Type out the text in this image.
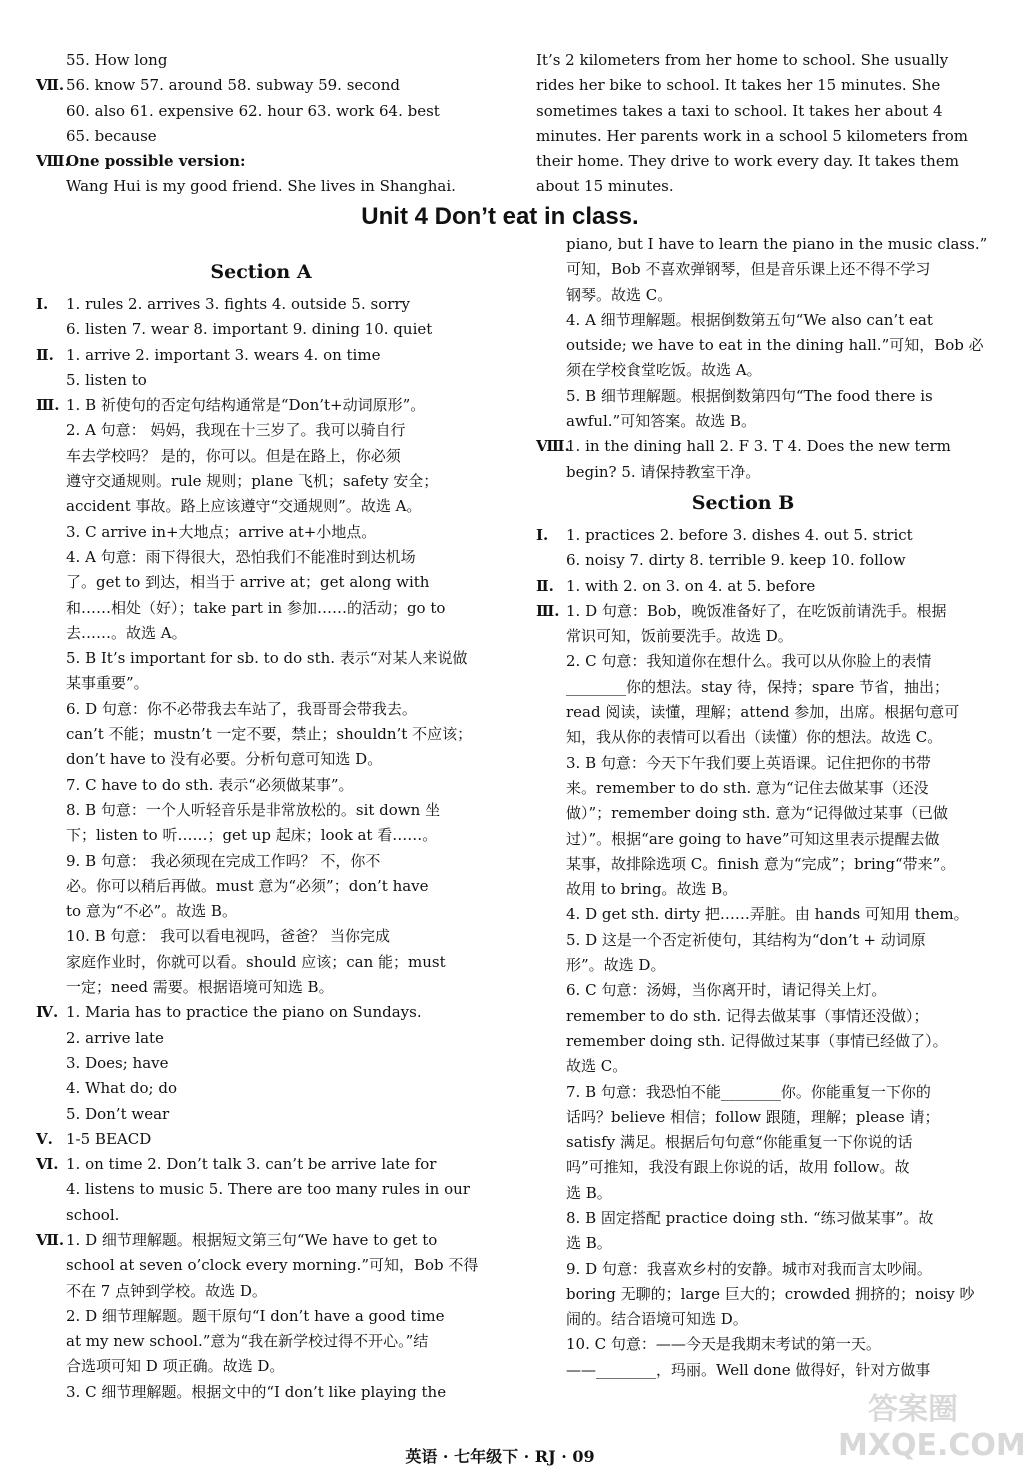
55. How long
Ⅶ. 56. know 57. around 58. subway 59. second
60. also 61. expensive 62. hour 63. work 64. best
65. because
Ⅷ.One possible version:
Wang Hui is my good friend. She lives in Shanghai.
It’s 2 kilometers from her home to school. She usually
rides her bike to school. It takes her 15 minutes. She
sometimes takes a taxi to school. It takes her about 4
minutes. Her parents work in a school 5 kilometers from
their home. They drive to work every day. It takes them
about 15 minutes.
Unit 4 Don’t eat in class.
Section A
Ⅰ. 1. rules 2. arrives 3. fights 4. outside 5. sorry
6. listen 7. wear 8. important 9. dining 10. quiet
Ⅱ. 1. arrive 2. important 3. wears 4. on time
5. listen to
Ⅲ. 1. B 祈使句的否定句结构通常是“Don’t+动词原形”。
2. A 句意： 妈妈，我现在十三岁了。我可以骑自行
车去学校吗？ 是的，你可以。但是在路上，你必须
遵守交通规则。rule 规则；plane 飞机；safety 安全；
accident 事故。路上应该遵守“交通规则”。故选 A。
3. C arrive in+大地点；arrive at+小地点。
4. A 句意：雨下得很大，恐怕我们不能准时到达机场
了。get to 到达，相当于 arrive at；get along with
和……相处（好）；take part in 参加……的活动；go to
去……。故选 A。
5. B It’s important for sb. to do sth. 表示“对某人来说做
某事重要”。
6. D 句意：你不必带我去车站了，我哥哥会带我去。
can’t 不能；mustn’t 一定不要，禁止；shouldn’t 不应该；
don’t have to 没有必要。分析句意可知选 D。
7. C have to do sth. 表示“必须做某事”。
8. B 句意：一个人听轻音乐是非常放松的。sit down 坐
下；listen to 听……；get up 起床；look at 看……。
9. B 句意： 我必须现在完成工作吗？ 不，你不
必。你可以稍后再做。must 意为“必须”；don’t have
to 意为“不必”。故选 B。
10. B 句意： 我可以看电视吗，爸爸？ 当你完成
家庭作业时，你就可以看。should 应该；can 能；must
一定；need 需要。根据语境可知选 B。
Ⅳ. 1. Maria has to practice the piano on Sundays.
2. arrive late
3. Does; have
4. What do; do
5. Don’t wear
Ⅴ. 1-5 BEACD
Ⅵ. 1. on time 2. Don’t talk 3. can’t be arrive late for
4. listens to music 5. There are too many rules in our
school.
Ⅶ. 1. D 细节理解题。根据短文第三句“We have to get to
school at seven o’clock every morning.”可知，Bob 不得
不在 7 点钟到学校。故选 D。
2. D 细节理解题。题干原句“I don’t have a good time
at my new school.”意为“我在新学校过得不开心。”结
合选项可知 D 项正确。故选 D。
3. C 细节理解题。根据文中的“I don’t like playing the
piano, but I have to learn the piano in the music class.”
可知，Bob 不喜欢弹钢琴，但是音乐课上还不得不学习
钢琴。故选 C。
4. A 细节理解题。根据倒数第五句“We also can’t eat
outside; we have to eat in the dining hall.”可知，Bob 必
须在学校食堂吃饭。故选 A。
5. B 细节理解题。根据倒数第四句“The food there is
awful.”可知答案。故选 B。
Ⅷ.1. in the dining hall 2. F 3. T 4. Does the new term
begin? 5. 请保持教室干净。
Section B
Ⅰ. 1. practices 2. before 3. dishes 4. out 5. strict
6. noisy 7. dirty 8. terrible 9. keep 10. follow
Ⅱ. 1. with 2. on 3. on 4. at 5. before
Ⅲ. 1. D 句意：Bob，晚饭准备好了，在吃饭前请洗手。根据
常识可知，饭前要洗手。故选 D。
2. C 句意：我知道你在想什么。我可以从你脸上的表情
________你的想法。stay 待，保持；spare 节省，抽出；
read 阅读，读懂，理解；attend 参加，出席。根据句意可
知，我从你的表情可以看出（读懂）你的想法。故选 C。
3. B 句意：今天下午我们要上英语课。记住把你的书带
来。remember to do sth. 意为“记住去做某事（还没
做）”；remember doing sth. 意为“记得做过某事（已做
过）”。根据“are going to have”可知这里表示提醒去做
某事，故排除选项 C。finish 意为“完成”；bring“带来”。
故用 to bring。故选 B。
4. D get sth. dirty 把……弄脏。由 hands 可知用 them。
5. D 这是一个否定祈使句，其结构为“don’t + 动词原
形”。故选 D。
6. C 句意：汤姆，当你离开时，请记得关上灯。
remember to do sth. 记得去做某事（事情还没做）；
remember doing sth. 记得做过某事（事情已经做了）。
故选 C。
7. B 句意：我恐怕不能________你。你能重复一下你的
话吗？believe 相信；follow 跟随，理解；please 请；
satisfy 满足。根据后句句意“你能重复一下你说的话
吗”可推知，我没有跟上你说的话，故用 follow。故
选 B。
8. B 固定搭配 practice doing sth. “练习做某事”。故
选 B。
9. D 句意：我喜欢乡村的安静。城市对我而言太吵闹。
boring 无聊的；large 巨大的；crowded 拥挤的；noisy 吵
闹的。结合语境可知选 D。
10. C 句意：——今天是我期末考试的第一天。
——________，玛丽。Well done 做得好，针对方做事
英语 · 七年级下 · RJ · 09
答案圈
MXQE.COM
